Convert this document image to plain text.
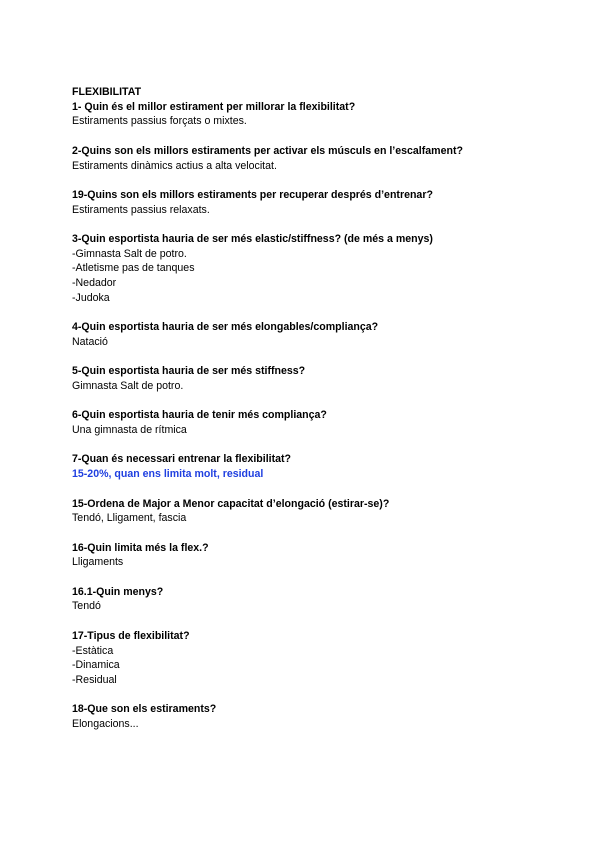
FLEXIBILITAT

1- Quin és el millor estirament per millorar la flexibilitat?

Estiraments passius forçats o mixtes.

2-Quins son els millors estiraments per activar els músculs en l’escalfament?

Estiraments dinàmics actius a alta velocitat.

19-Quins son els millors estiraments per recuperar després d’entrenar?

Estiraments passius relaxats.

3-Quin esportista hauria de ser més elastic/stiffness? (de més a menys)

-Gimnasta Salt de potro.
-Atletisme pas de tanques
-Nedador
-Judoka

4-Quin esportista hauria de ser més elongables/compliança?

Natació

5-Quin esportista hauria de ser més stiffness?

Gimnasta Salt de potro.

6-Quin esportista hauria de tenir més compliança?

Una gimnasta de rítmica

7-Quan és necessari entrenar la flexibilitat?

15-20%, quan ens limita molt, residual

15-Ordena de Major a Menor capacitat d’elongació (estirar-se)?

Tendó, Lligament, fascia

16-Quin limita més la flex.?

Lligaments

16.1-Quin menys?

Tendó

17-Tipus de flexibilitat?

-Estàtica
-Dinamica
-Residual

18-Que son els estiraments?

Elongacions...
